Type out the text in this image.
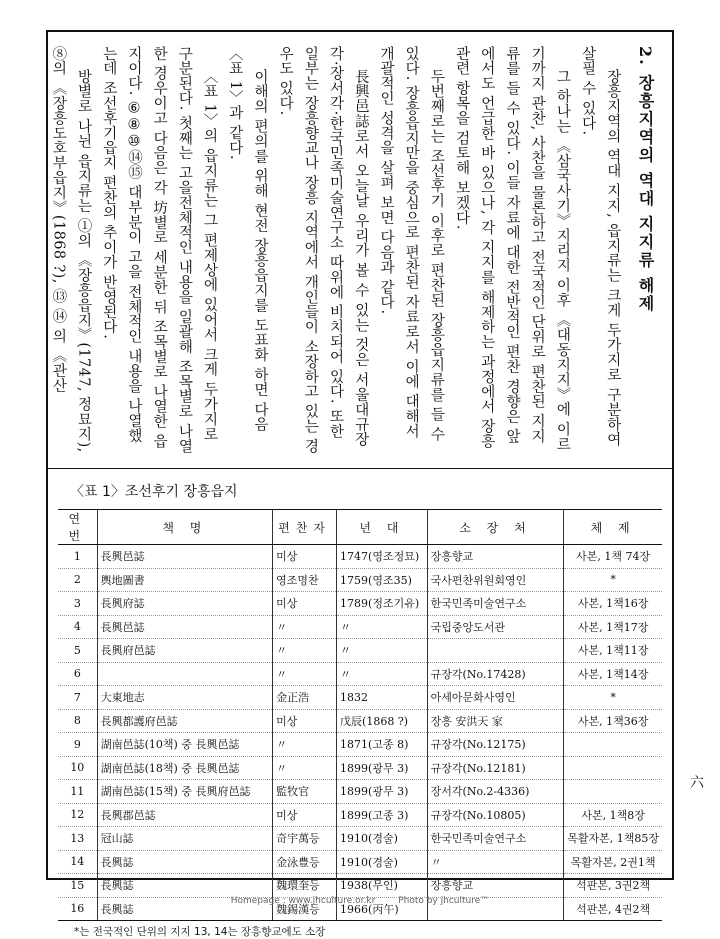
2. 장흥지역의 역대 지지류 해제

장흥지역의 역대 지지, 읍지류는 크게 두가지로 구분하여 살필 수 있다.

그 하나는 《삼국사기》지리지 이후 《대동지지》에 이르기까지 관찬, 사찬을 물론하고 전국적인 단위로 편찬된 지지류를 들 수 있다. 이들 자료에 대한 전반적인 편찬 경향은 앞에서도 언급한 바 있으나, 각 지지를 해제하는 과정에서 장흥관련 항목을 검토해 보겠다.

두번째로는 조선후기 이후로 편찬된 장흥읍지류를 들 수 있다. 장흥읍지만을 중심으로 편찬된 자료로서 이에 대해서 개괄적인 성격을 살펴 보면 다음과 같다.

長興邑誌로서 오늘날 우리가 볼 수 있는 것은 서울대규장각·장서각·한국민족미술연구소 따위에 비치되어 있다. 또한 일부는 장흥향교나 장흥 지역에서 개인들이 소장하고 있는 경우도 있다.

이해의 편의를 위해 현전 장흥읍지를 도표화 하면 다음〈표 1〉과 같다.

〈표 1〉의 읍지류는 그 편제상에 있어서 크게 두가지로 구분된다. 첫째는 고을전체적인 내용을 일괄해 조목별로 나열한 경우이고 다음은 각 坊별로 세분한 뒤 조목별로 나열한 읍지이다. ⑥⑧⑩⑭⑮ 대부분이 고을 전체적인 내용을 나열했는데 조선후기읍지 편찬의 추이가 반영된다.

방별로 나뉜 읍지류는 ①의 《장흥읍지》(1747, 정묘지), ⑧의 《장흥도호부읍지》(1868 ?), ⑬ ⑭ 의 《관산

〈표 1〉조선후기 장흥읍지
연번	책 명	편찬자	년 대	소 장 처	체 제
1	長興邑誌	미상	1747(영조정묘)	장흥향교	사본, 1책 74장
2	輿地圖書	영조명찬	1759(영조35)	국사편찬위원회영인	*
3	長興府誌	미상	1789(정조기유)	한국민족미술연구소	사본, 1책16장
4	長興邑誌	〃	〃	국립중앙도서관	사본, 1책17장
5	長興府邑誌	〃	〃		사본, 1책11장
6		〃	〃	규장각(No.17428)	사본, 1책14장
7	大東地志	金正浩	1832	아세아문화사영인	*
8	長興都護府邑誌	미상	戊辰(1868 ?)	장흥 安洪天 家	사본, 1책36장
9	湖南邑誌(10책) 중 長興邑誌	〃	1871(고종 8)	규장각(No.12175)	
10	湖南邑誌(18책) 중 長興邑誌	〃	1899(광무 3)	규장각(No.12181)	
11	湖南邑誌(15책) 중 長興府邑誌	監牧官	1899(광무 3)	장서각(No.2-4336)	
12	長興郡邑誌	미상	1899(고종 3)	규장각(No.10805)	사본, 1책8장
13	冠山誌	奇宇萬등	1910(경술)	한국민족미술연구소	목활자본, 1책85장
14	長興誌	金泳豊등	1910(경술)	〃	목활자본, 2권1책
15	長興誌	魏環奎등	1938(무인)	장흥향교	석판본, 3권2책
16	長興誌	魏錫漢등	1966(丙午)		석판본, 4권2책
*는 전국적인 단위의 지지 13, 14는 장흥향교에도 소장
六
Homepage : www.jhculture.or.kr	Photo by jhculture™
